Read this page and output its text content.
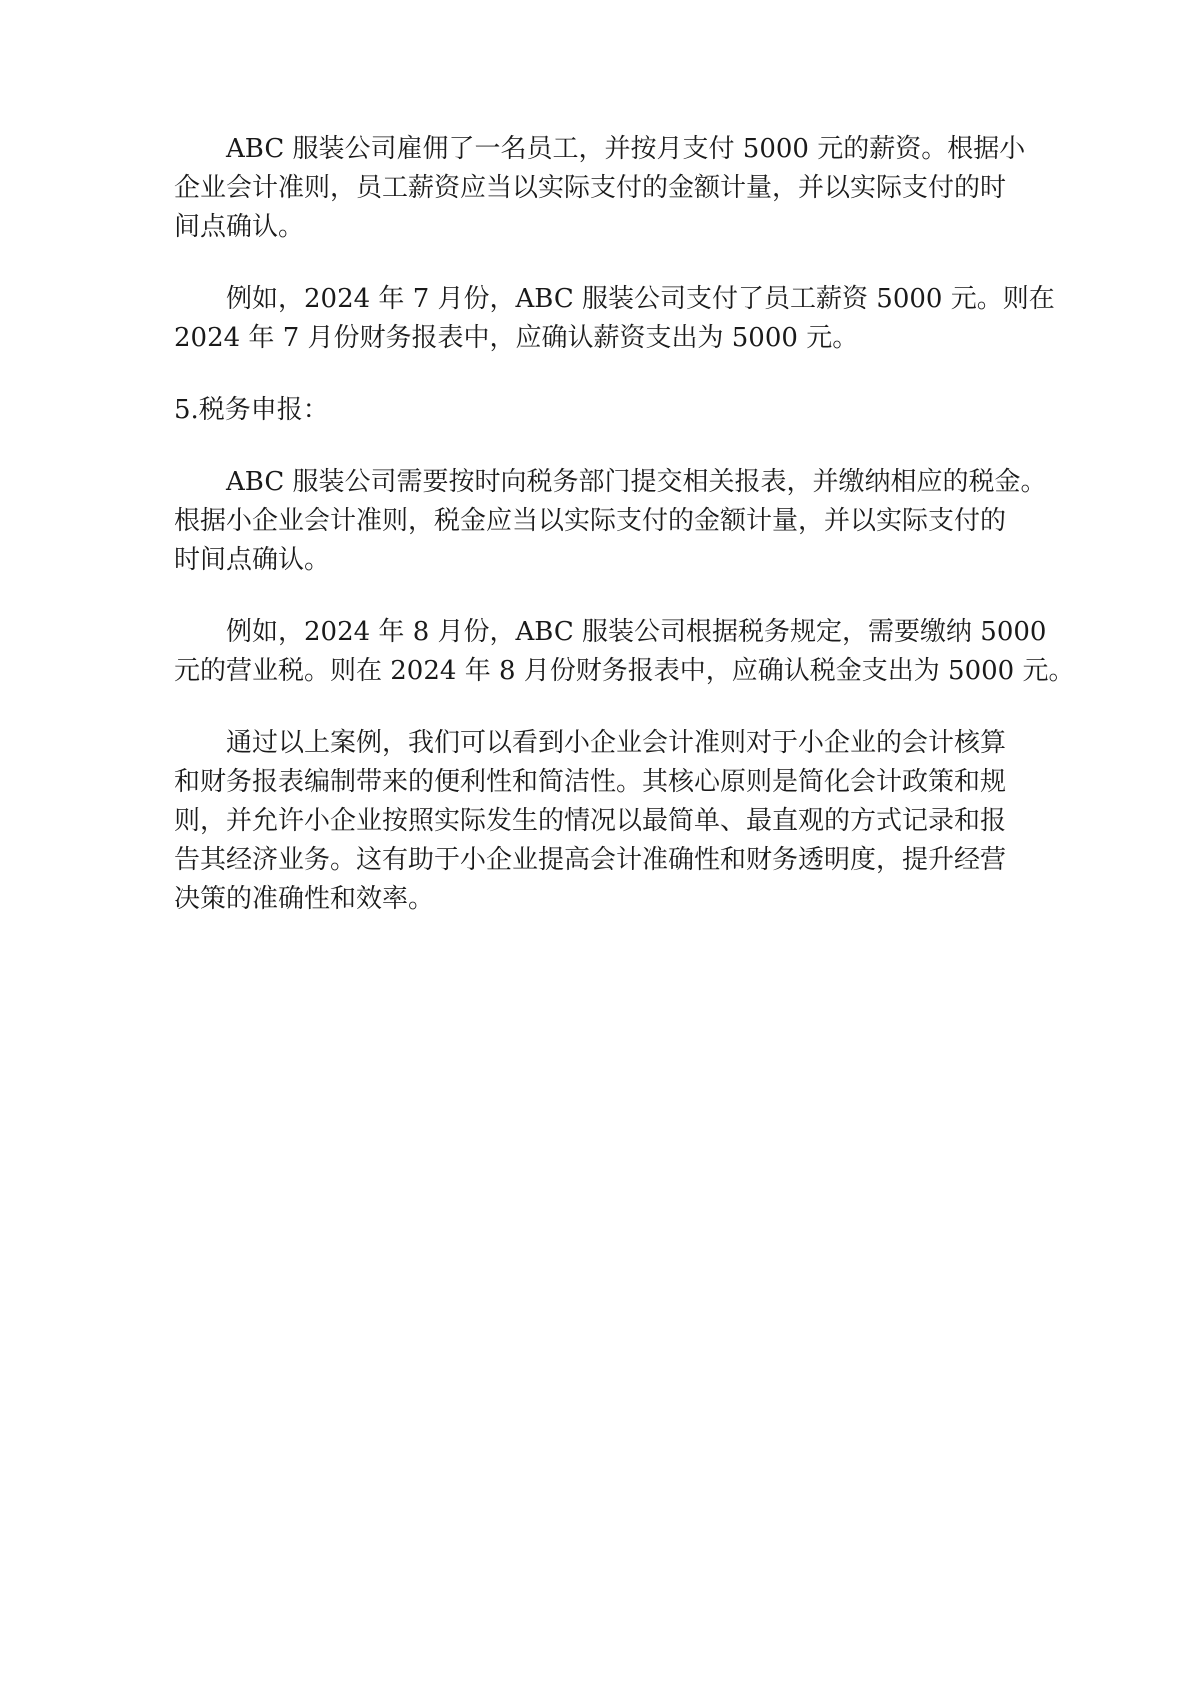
ABC 服装公司雇佣了一名员工，并按月支付 5000 元的薪资。根据小
企业会计准则，员工薪资应当以实际支付的金额计量，并以实际支付的时
间点确认。

例如，2024 年 7 月份，ABC 服装公司支付了员工薪资 5000 元。则在
2024 年 7 月份财务报表中，应确认薪资支出为 5000 元。

5.税务申报：

ABC 服装公司需要按时向税务部门提交相关报表，并缴纳相应的税金。
根据小企业会计准则，税金应当以实际支付的金额计量，并以实际支付的
时间点确认。

例如，2024 年 8 月份，ABC 服装公司根据税务规定，需要缴纳 5000
元的营业税。则在 2024 年 8 月份财务报表中，应确认税金支出为 5000 元。

通过以上案例，我们可以看到小企业会计准则对于小企业的会计核算
和财务报表编制带来的便利性和简洁性。其核心原则是简化会计政策和规
则，并允许小企业按照实际发生的情况以最简单、最直观的方式记录和报
告其经济业务。这有助于小企业提高会计准确性和财务透明度，提升经营
决策的准确性和效率。
